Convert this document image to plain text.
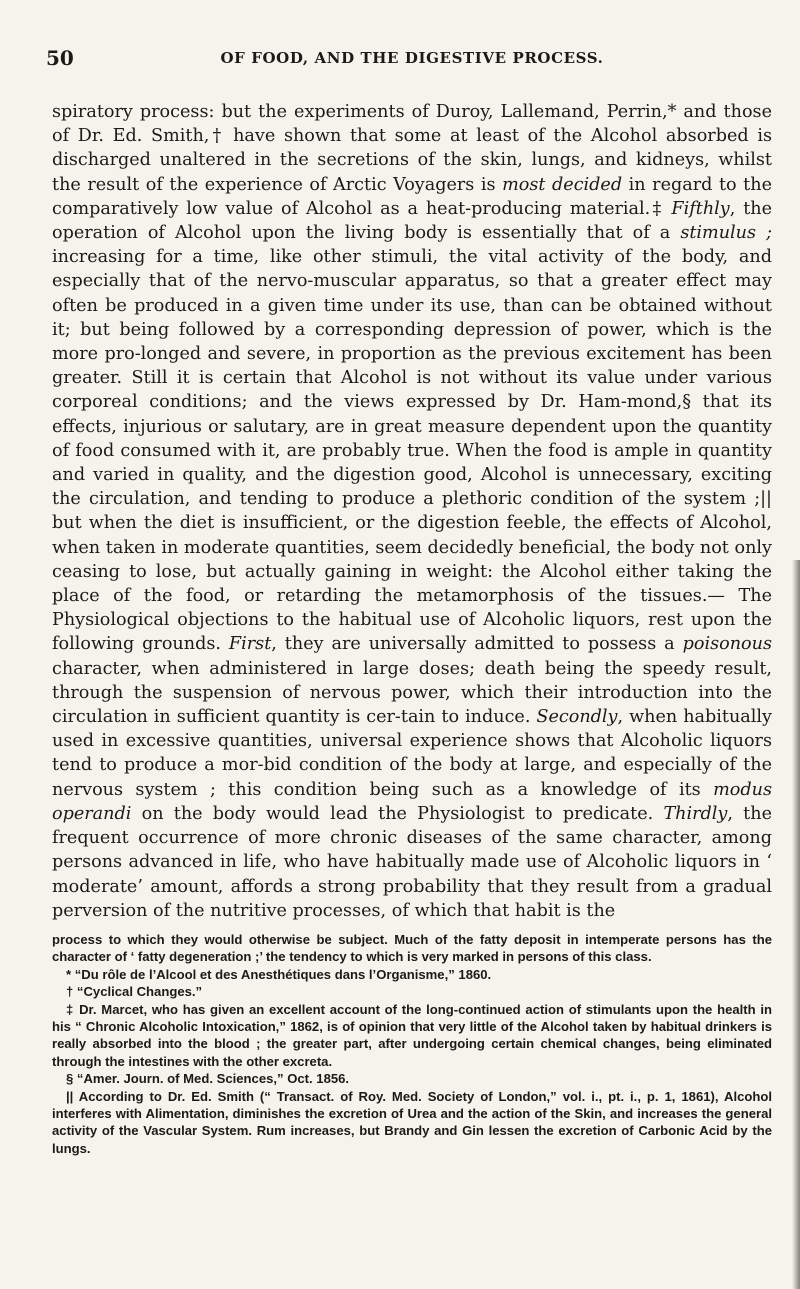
50	OF FOOD, AND THE DIGESTIVE PROCESS.
spiratory process: but the experiments of Duroy, Lallemand, Perrin,* and those of Dr. Ed. Smith,† have shown that some at least of the Alcohol absorbed is discharged unaltered in the secretions of the skin, lungs, and kidneys, whilst the result of the experience of Arctic Voyagers is most decided in regard to the comparatively low value of Alcohol as a heat-producing material.‡ Fifthly, the operation of Alcohol upon the living body is essentially that of a stimulus ; increasing for a time, like other stimuli, the vital activity of the body, and especially that of the nervo-muscular apparatus, so that a greater effect may often be produced in a given time under its use, than can be obtained without it; but being followed by a corresponding depression of power, which is the more pro-longed and severe, in proportion as the previous excitement has been greater. Still it is certain that Alcohol is not without its value under various corporeal conditions; and the views expressed by Dr. Ham-mond,§ that its effects, injurious or salutary, are in great measure dependent upon the quantity of food consumed with it, are probably true. When the food is ample in quantity and varied in quality, and the digestion good, Alcohol is unnecessary, exciting the circulation, and tending to produce a plethoric condition of the system ;|| but when the diet is insufficient, or the digestion feeble, the effects of Alcohol, when taken in moderate quantities, seem decidedly beneficial, the body not only ceasing to lose, but actually gaining in weight: the Alcohol either taking the place of the food, or retarding the metamorphosis of the tissues.— The Physiological objections to the habitual use of Alcoholic liquors, rest upon the following grounds. First, they are universally admitted to possess a poisonous character, when administered in large doses; death being the speedy result, through the suspension of nervous power, which their introduction into the circulation in sufficient quantity is cer-tain to induce. Secondly, when habitually used in excessive quantities, universal experience shows that Alcoholic liquors tend to produce a mor-bid condition of the body at large, and especially of the nervous system ; this condition being such as a knowledge of its modus operandi on the body would lead the Physiologist to predicate. Thirdly, the frequent occurrence of more chronic diseases of the same character, among persons advanced in life, who have habitually made use of Alcoholic liquors in ‘ moderate’ amount, affords a strong probability that they result from a gradual perversion of the nutritive processes, of which that habit is the

process to which they would otherwise be subject. Much of the fatty deposit in intemperate persons has the character of ‘ fatty degeneration ;’ the tendency to which is very marked in persons of this class.

* “Du rôle de l’Alcool et des Anesthétiques dans l’Organisme,” 1860.

† “Cyclical Changes.”

‡ Dr. Marcet, who has given an excellent account of the long-continued action of stimulants upon the health in his “ Chronic Alcoholic Intoxication,” 1862, is of opinion that very little of the Alcohol taken by habitual drinkers is really absorbed into the blood ; the greater part, after undergoing certain chemical changes, being eliminated through the intestines with the other excreta.

§ “Amer. Journ. of Med. Sciences,” Oct. 1856.

|| According to Dr. Ed. Smith (“ Transact. of Roy. Med. Society of London,” vol. i., pt. i., p. 1, 1861), Alcohol interferes with Alimentation, diminishes the excretion of Urea and the action of the Skin, and increases the general activity of the Vascular System. Rum increases, but Brandy and Gin lessen the excretion of Carbonic Acid by the lungs.
